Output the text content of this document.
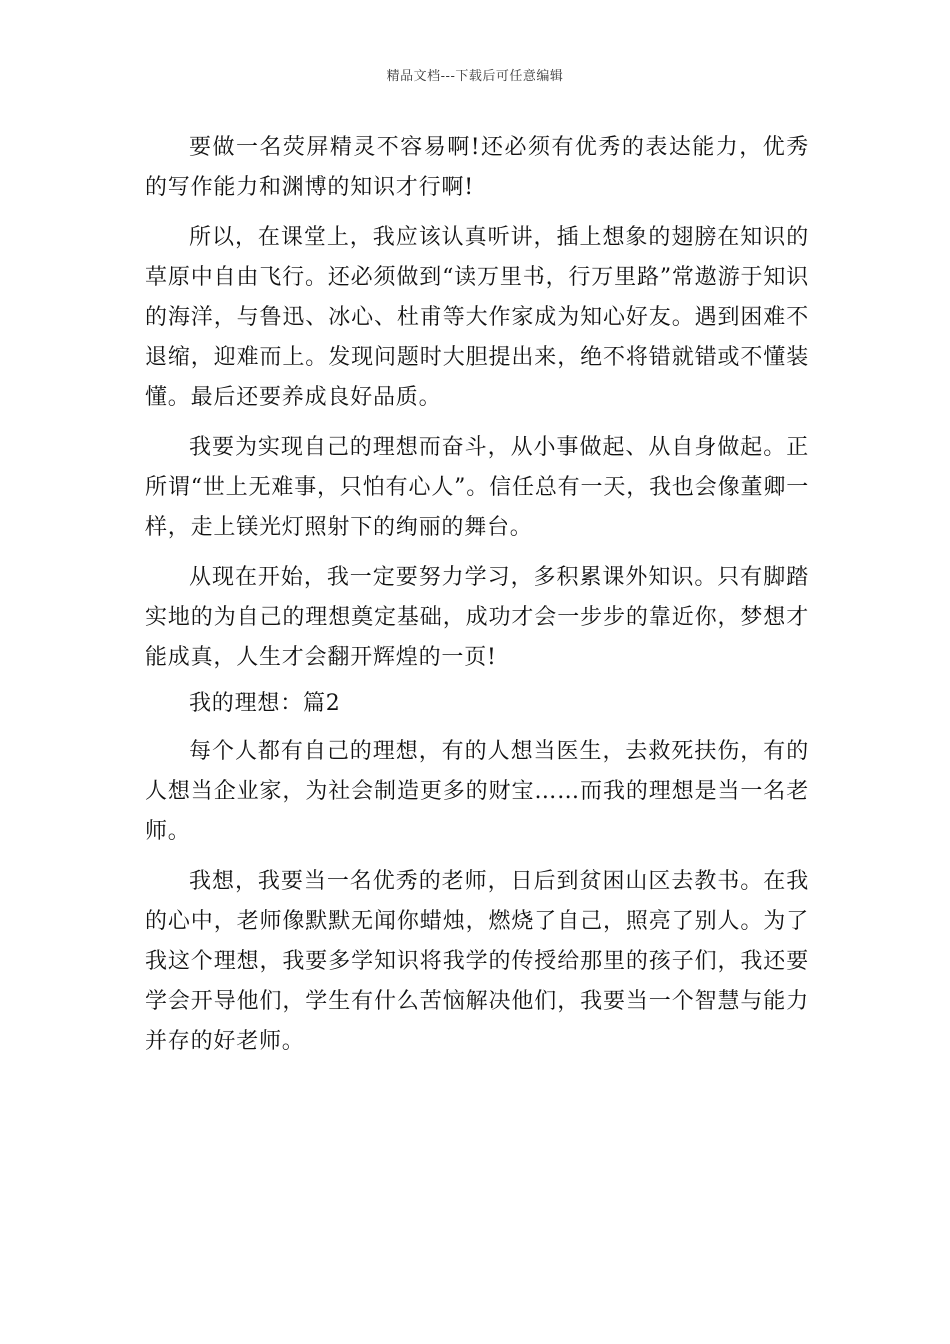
精品文档---下载后可任意编辑

要做一名荧屏精灵不容易啊!还必须有优秀的表达能力，优秀的写作能力和渊博的知识才行啊!

所以，在课堂上，我应该认真听讲，插上想象的翅膀在知识的草原中自由飞行。还必须做到“读万里书，行万里路”常遨游于知识的海洋，与鲁迅、冰心、杜甫等大作家成为知心好友。遇到困难不退缩，迎难而上。发现问题时大胆提出来，绝不将错就错或不懂装懂。最后还要养成良好品质。

我要为实现自己的理想而奋斗，从小事做起、从自身做起。正所谓“世上无难事，只怕有心人”。信任总有一天，我也会像董卿一样，走上镁光灯照射下的绚丽的舞台。

从现在开始，我一定要努力学习，多积累课外知识。只有脚踏实地的为自己的理想奠定基础，成功才会一步步的靠近你，梦想才能成真，人生才会翻开辉煌的一页!

我的理想：篇2

每个人都有自己的理想，有的人想当医生，去救死扶伤，有的人想当企业家，为社会制造更多的财宝……而我的理想是当一名老师。

我想，我要当一名优秀的老师，日后到贫困山区去教书。在我的心中，老师像默默无闻你蜡烛，燃烧了自己，照亮了别人。为了我这个理想，我要多学知识将我学的传授给那里的孩子们，我还要学会开导他们，学生有什么苦恼解决他们，我要当一个智慧与能力并存的好老师。
